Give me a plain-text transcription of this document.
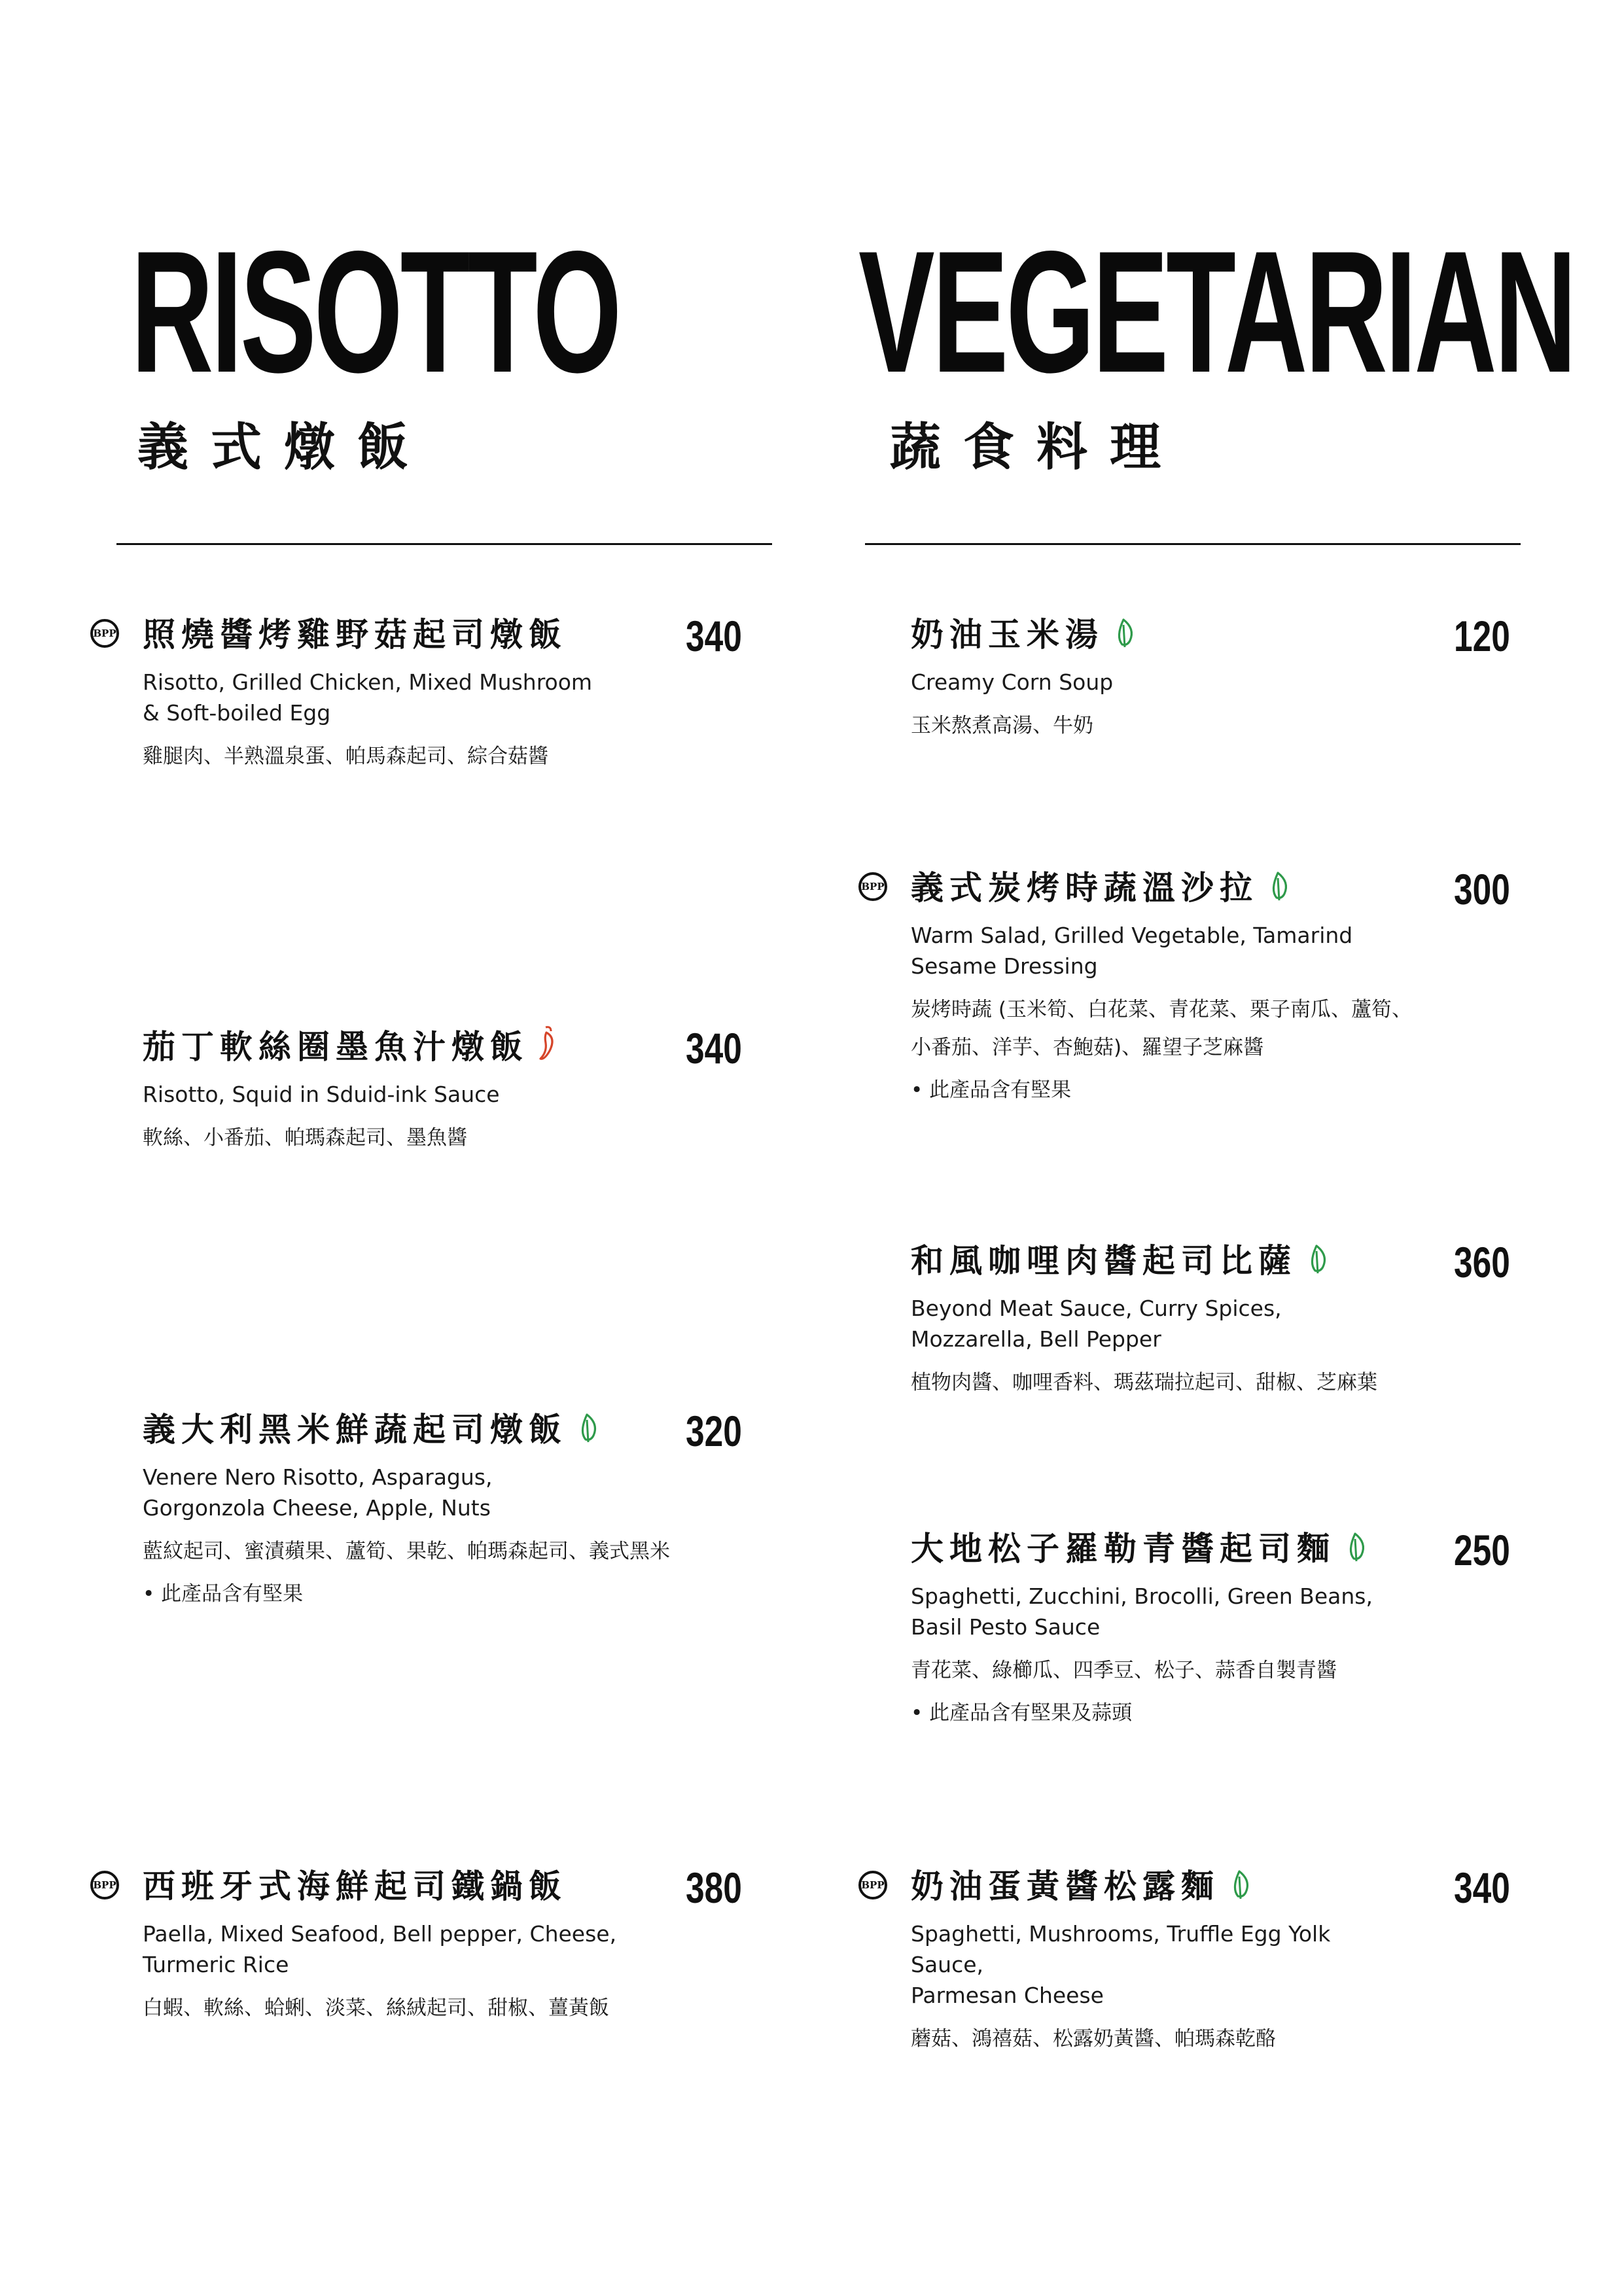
RISOTTO
義式燉飯
BPP 照燒醬烤雞野菇起司燉飯	340

Risotto, Grilled Chicken, Mixed Mushroom
& Soft-boiled Egg

雞腿肉、半熟溫泉蛋、帕馬森起司、綜合菇醬

茄丁軟絲圈墨魚汁燉飯	340

Risotto, Squid in Sduid-ink Sauce

軟絲、小番茄、帕瑪森起司、墨魚醬

義大利黑米鮮蔬起司燉飯	320

Venere Nero Risotto, Asparagus,
Gorgonzola Cheese, Apple, Nuts

藍紋起司、蜜漬蘋果、蘆筍、果乾、帕瑪森起司、義式黑米

• 此產品含有堅果

BPP 西班牙式海鮮起司鐵鍋飯	380

Paella, Mixed Seafood, Bell pepper, Cheese,
Turmeric Rice

白蝦、軟絲、蛤蜊、淡菜、絲絨起司、甜椒、薑黃飯

VEGETARIAN
蔬食料理
奶油玉米湯	120

Creamy Corn Soup

玉米熬煮高湯、牛奶

BPP 義式炭烤時蔬溫沙拉	300

Warm Salad, Grilled Vegetable, Tamarind
Sesame Dressing

炭烤時蔬 (玉米筍、白花菜、青花菜、栗子南瓜、蘆筍、
小番茄、洋芋、杏鮑菇)、羅望子芝麻醬

• 此產品含有堅果

和風咖哩肉醬起司比薩	360

Beyond Meat Sauce, Curry Spices,
Mozzarella, Bell Pepper

植物肉醬、咖哩香料、瑪茲瑞拉起司、甜椒、芝麻葉

大地松子羅勒青醬起司麵	250

Spaghetti, Zucchini, Brocolli, Green Beans,
Basil Pesto Sauce

青花菜、綠櫛瓜、四季豆、松子、蒜香自製青醬

• 此產品含有堅果及蒜頭

BPP 奶油蛋黃醬松露麵	340

Spaghetti, Mushrooms, Truffle Egg Yolk Sauce,
Parmesan Cheese

蘑菇、鴻禧菇、松露奶黃醬、帕瑪森乾酪
